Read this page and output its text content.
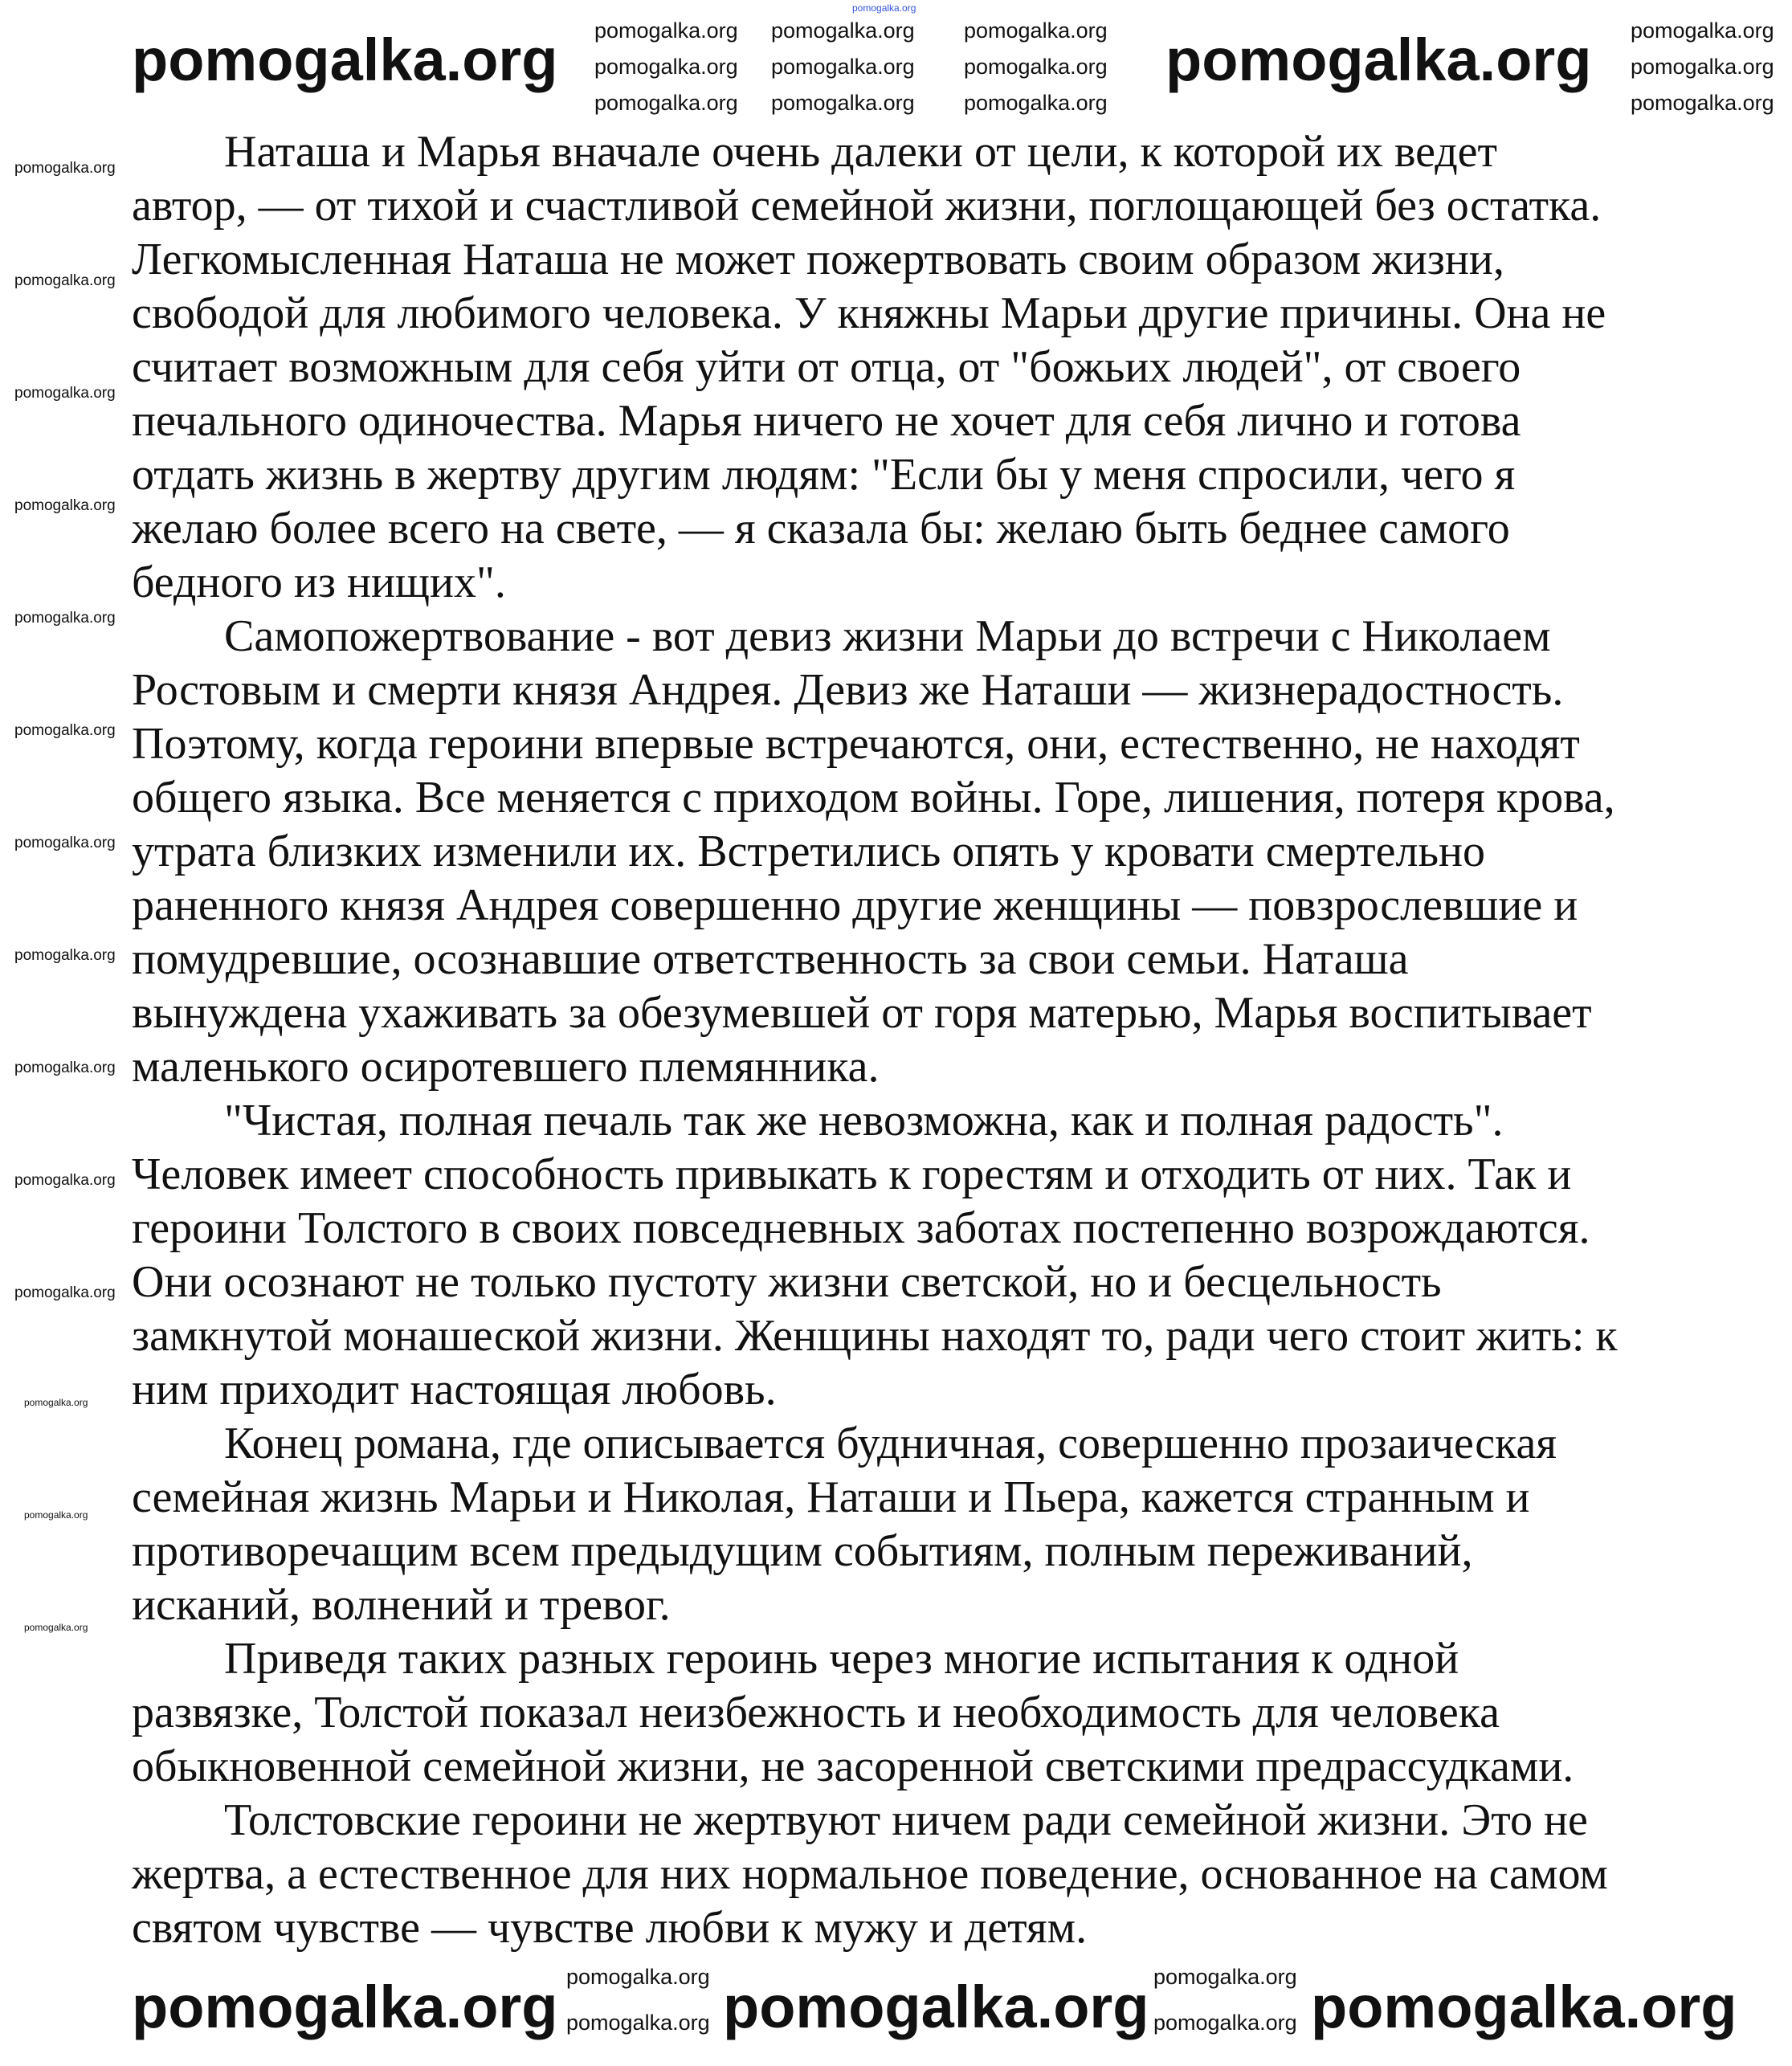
Наташа и Марья вначале очень далеки от цели, к которой их ведет
автор, — от тихой и счастливой семейной жизни, поглощающей без остатка.
Легкомысленная Наташа не может пожертвовать своим образом жизни,
свободой для любимого человека. У княжны Марьи другие причины. Она не
считает возможным для себя уйти от отца, от "божьих людей", от своего
печального одиночества. Марья ничего не хочет для себя лично и готова
отдать жизнь в жертву другим людям: "Если бы у меня спросили, чего я
желаю более всего на свете, — я сказала бы: желаю быть беднее самого
бедного из нищих".
Самопожертвование - вот девиз жизни Марьи до встречи с Николаем
Ростовым и смерти князя Андрея. Девиз же Наташи — жизнерадостность.
Поэтому, когда героини впервые встречаются, они, естественно, не находят
общего языка. Все меняется с приходом войны. Горе, лишения, потеря крова,
утрата близких изменили их. Встретились опять у кровати смертельно
раненного князя Андрея совершенно другие женщины — повзрослевшие и
помудревшие, осознавшие ответственность за свои семьи. Наташа
вынуждена ухаживать за обезумевшей от горя матерью, Марья воспитывает
маленького осиротевшего племянника.
"Чистая, полная печаль так же невозможна, как и полная радость".
Человек имеет способность привыкать к горестям и отходить от них. Так и
героини Толстого в своих повседневных заботах постепенно возрождаются.
Они осознают не только пустоту жизни светской, но и бесцельность
замкнутой монашеской жизни. Женщины находят то, ради чего стоит жить: к
ним приходит настоящая любовь.
Конец романа, где описывается будничная, совершенно прозаическая
семейная жизнь Марьи и Николая, Наташи и Пьера, кажется странным и
противоречащим всем предыдущим событиям, полным переживаний,
исканий, волнений и тревог.
Приведя таких разных героинь через многие испытания к одной
развязке, Толстой показал неизбежность и необходимость для человека
обыкновенной семейной жизни, не засоренной светскими предрассудками.
Толстовские героини не жертвуют ничем ради семейной жизни. Это не
жертва, а естественное для них нормальное поведение, основанное на самом
святом чувстве — чувстве любви к мужу и детям.
pomogalka.org
pomogalka.org	pomogalka.org
pomogalka.org
pomogalka.org
pomogalka.org
pomogalka.org
pomogalka.org
pomogalka.org
pomogalka.org
pomogalka.org
pomogalka.org
pomogalka.org
pomogalka.org
pomogalka.org
pomogalka.org
pomogalka.org
pomogalka.org
pomogalka.org
pomogalka.org
pomogalka.org
pomogalka.org
pomogalka.org
pomogalka.org
pomogalka.org
pomogalka.org
pomogalka.org
pomogalka.org
pomogalka.org
pomogalka.org	pomogalka.org	pomogalka.org
pomogalka.org
pomogalka.org
pomogalka.org
pomogalka.org
